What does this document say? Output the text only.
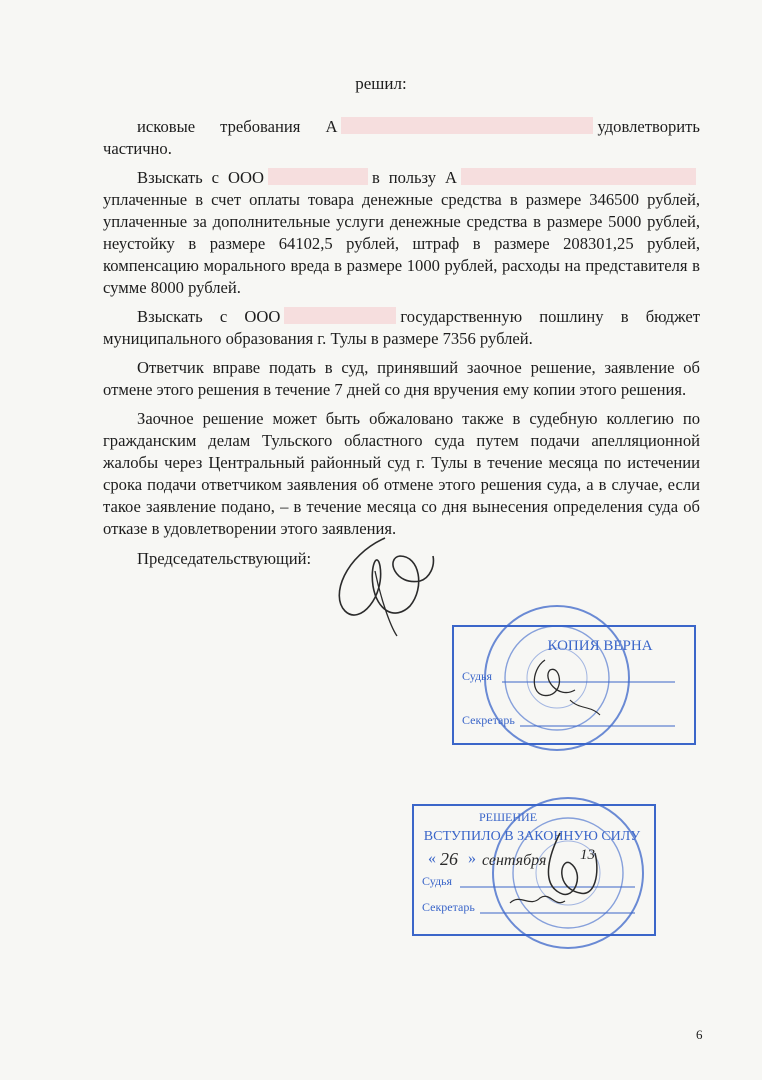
решил:

исковые требования А	удовлетворить частично.

Взыскать с ООО	в пользу Ауплаченные в счет оплаты товара денежные средства в размере 346500 рублей, уплаченные за дополнительные услуги денежные средства в размере 5000 рублей, неустойку в размере 64102,5 рублей, штраф в размере 208301,25 рублей, компенсацию морального вреда в размере 1000 рублей, расходы на представителя в сумме 8000 рублей.

Взыскать с ООО	государственную пошлину в бюджет муниципального образования г. Тулы в размере 7356 рублей.

Ответчик вправе подать в суд, принявший заочное решение, заявление об отмене этого решения в течение 7 дней со дня вручения ему копии этого решения.

Заочное решение может быть обжаловано также в судебную коллегию по гражданским делам Тульского областного суда путем подачи апелляционной жалобы через Центральный районный суд г. Тулы в течение месяца по истечении срока подачи ответчиком заявления об отмене этого решения суда, а в случае, если такое заявление подано, – в течение месяца со дня вынесения определения суда об отказе в удовлетворении этого заявления.

Председательствующий:
КОПИЯ ВЕРНА
Судья
Секретарь
РЕШЕНИЕ
ВСТУПИЛО В ЗАКОННУЮ СИЛУ
« 26 » сентября 13
Судья
Секретарь
6
